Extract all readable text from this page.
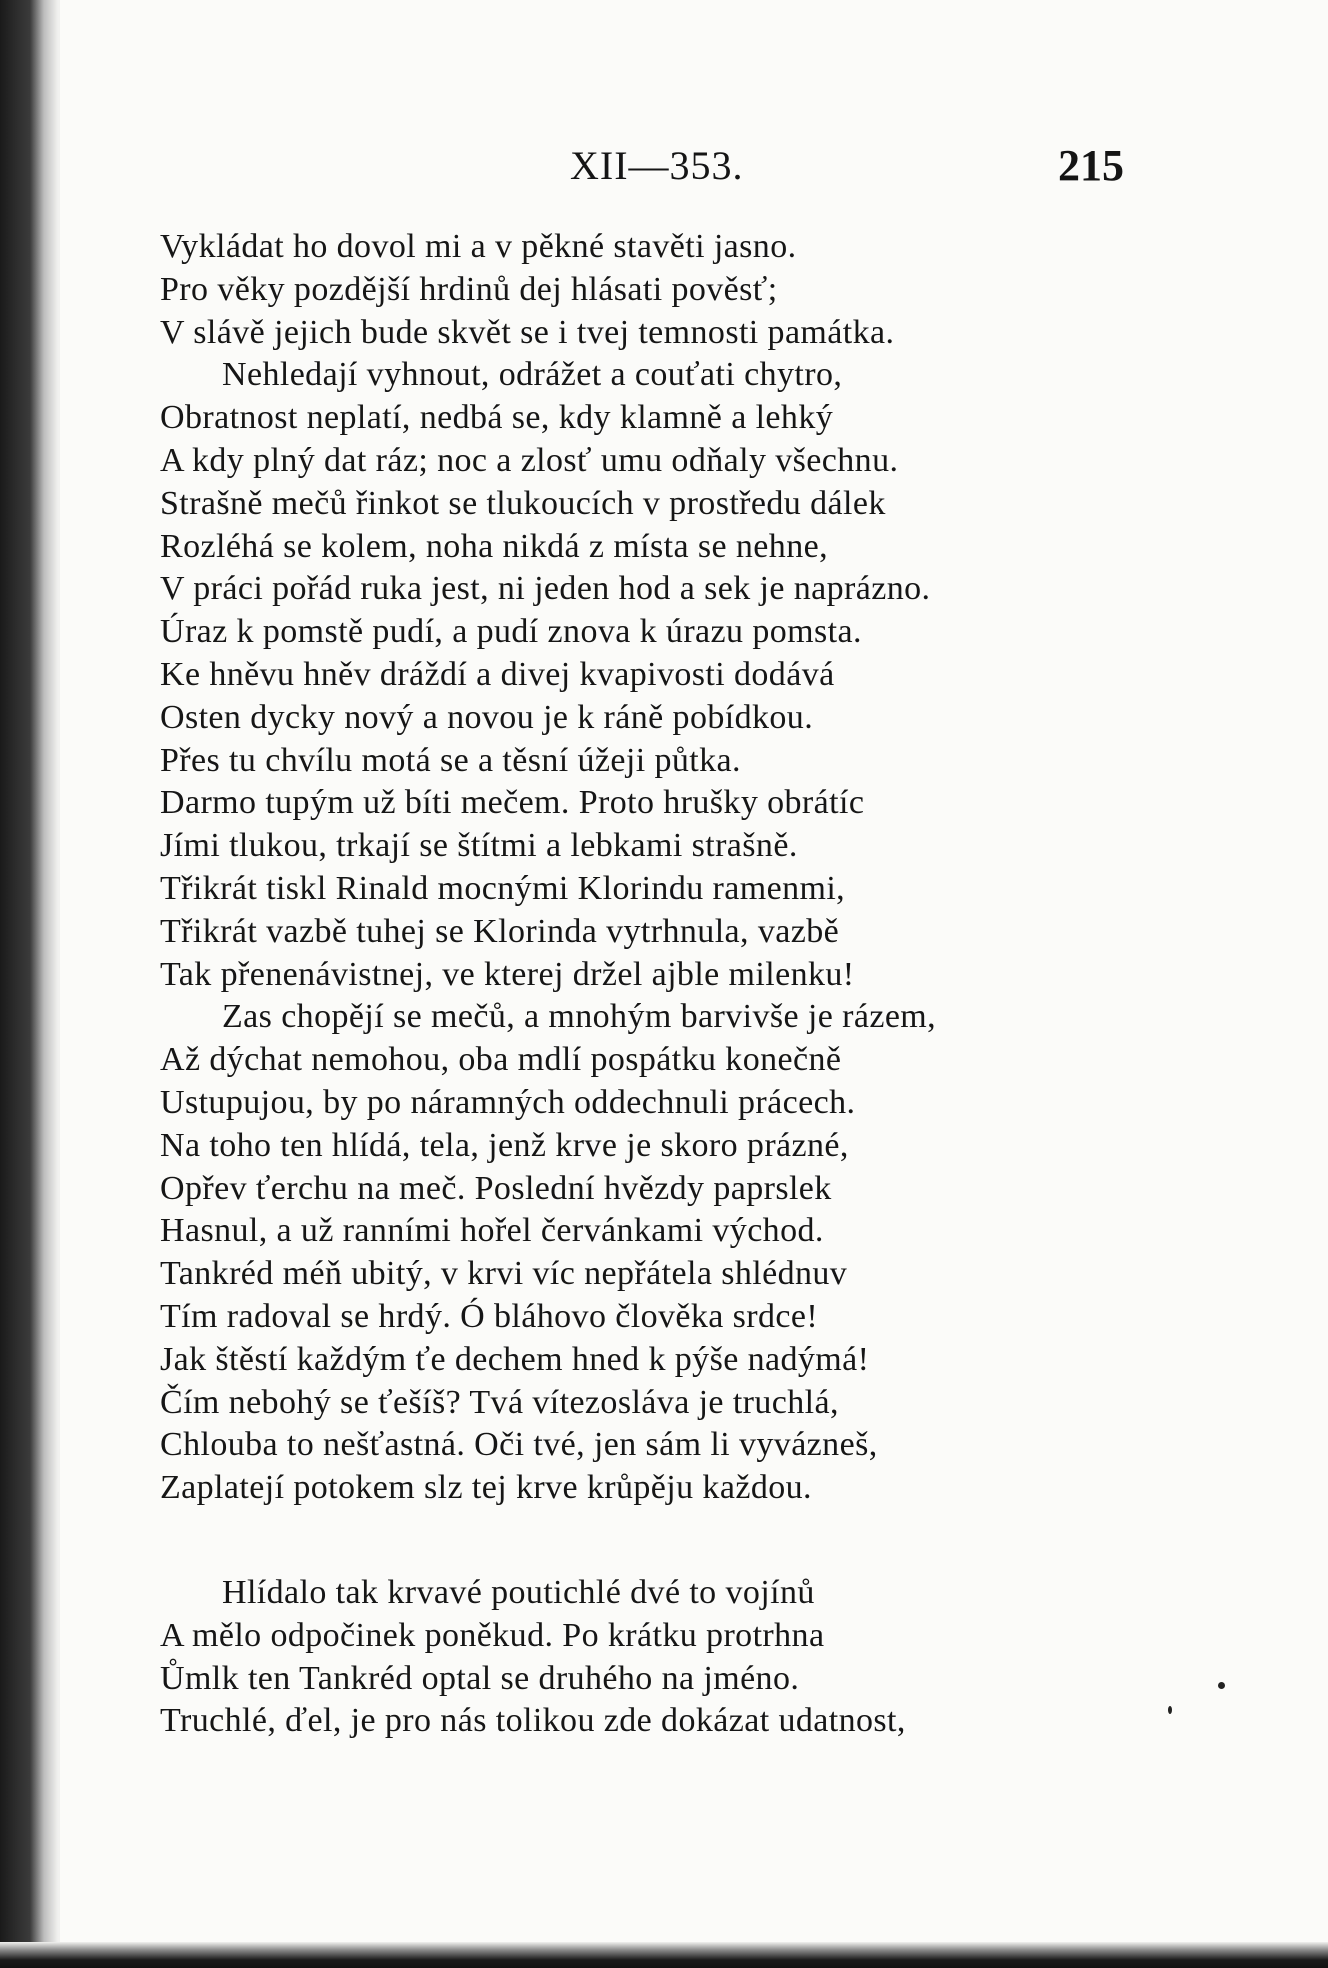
XII—353.	215
Vykládat ho dovol mi a v pěkné stavěti jasno.
Pro věky pozdější hrdinů dej hlásati pověsť;
V slávě jejich bude skvět se i tvej temnosti památka.
Nehledají vyhnout, odrážet a couťati chytro,
Obratnost neplatí, nedbá se, kdy klamně a lehký
A kdy plný dat ráz; noc a zlosť umu odňaly všechnu.
Strašně mečů řinkot se tlukoucích v prostředu dálek
Rozléhá se kolem, noha nikdá z místa se nehne,
V práci pořád ruka jest, ni jeden hod a sek je naprázno.
Úraz k pomstě pudí, a pudí znova k úrazu pomsta.
Ke hněvu hněv dráždí a divej kvapivosti dodává
Osten dycky nový a novou je k ráně pobídkou.
Přes tu chvílu motá se a těsní úžeji půtka.
Darmo tupým už bíti mečem. Proto hrušky obrátíc
Jími tlukou, trkají se štítmi a lebkami strašně.
Třikrát tiskl Rinald mocnými Klorindu ramenmi,
Třikrát vazbě tuhej se Klorinda vytrhnula, vazbě
Tak přenenávistnej, ve kterej držel ajble milenku!
Zas chopějí se mečů, a mnohým barvivše je rázem,
Až dýchat nemohou, oba mdlí pospátku konečně
Ustupujou, by po náramných oddechnuli prácech.
Na toho ten hlídá, tela, jenž krve je skoro prázné,
Opřev ťerchu na meč. Poslední hvězdy paprslek
Hasnul, a už ranními hořel červánkami východ.
Tankréd méň ubitý, v krvi víc nepřátela shlédnuv
Tím radoval se hrdý. Ó bláhovo člověka srdce!
Jak štěstí každým ťe dechem hned k pýše nadýmá!
Čím nebohý se ťešíš? Tvá vítezosláva je truchlá,
Chlouba to nešťastná. Oči tvé, jen sám li vyvázneš,
Zaplatejí potokem slz tej krve krůpěju každou.
Hlídalo tak krvavé poutichlé dvé to vojínů
A mělo odpočinek poněkud. Po krátku protrhna
Ůmlk ten Tankréd optal se druhého na jméno.
Truchlé, ďel, je pro nás tolikou zde dokázat udatnost,
